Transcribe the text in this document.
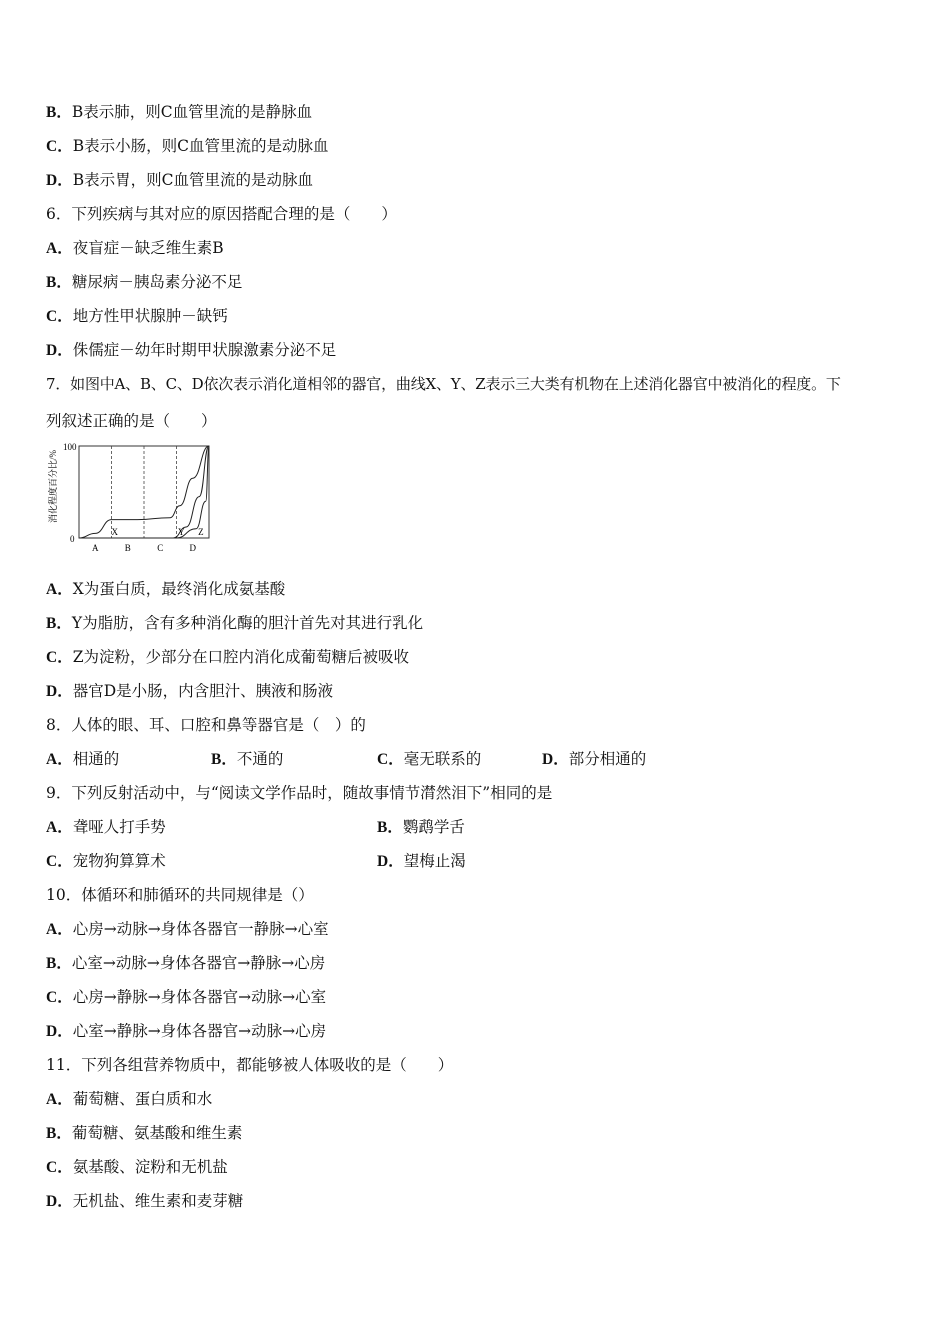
B．B表示肺，则C血管里流的是静脉血
C．B表示小肠，则C血管里流的是动脉血
D．B表示胃，则C血管里流的是动脉血
6．下列疾病与其对应的原因搭配合理的是（　　）
A．夜盲症－缺乏维生素B
B．糖尿病－胰岛素分泌不足
C．地方性甲状腺肿－缺钙
D．侏儒症－幼年时期甲状腺激素分泌不足
7．如图中A、B、C、D依次表示消化道相邻的器官，曲线X、Y、Z表示三大类有机物在上述消化器官中被消化的程度。下
列叙述正确的是（　　）
消化程度百分比/%
100
0
A	B	C	D
X	Y Z
A．X为蛋白质，最终消化成氨基酸
B．Y为脂肪，含有多种消化酶的胆汁首先对其进行乳化
C．Z为淀粉，少部分在口腔内消化成葡萄糖后被吸收
D．器官D是小肠，内含胆汁、胰液和肠液
8．人体的眼、耳、口腔和鼻等器官是（　）的
A．相通的	B．不通的	C．毫无联系的	D．部分相通的
9．下列反射活动中，与“阅读文学作品时，随故事情节潸然泪下”相同的是
A．聋哑人打手势	B．鹦鹉学舌
C．宠物狗算算术	D．望梅止渴
10．体循环和肺循环的共同规律是（）
A．心房→动脉→身体各器官一静脉→心室
B．心室→动脉→身体各器官→静脉→心房
C．心房→静脉→身体各器官→动脉→心室
D．心室→静脉→身体各器官→动脉→心房
11．下列各组营养物质中，都能够被人体吸收的是（　　）
A．葡萄糖、蛋白质和水
B．葡萄糖、氨基酸和维生素
C．氨基酸、淀粉和无机盐
D．无机盐、维生素和麦芽糖
